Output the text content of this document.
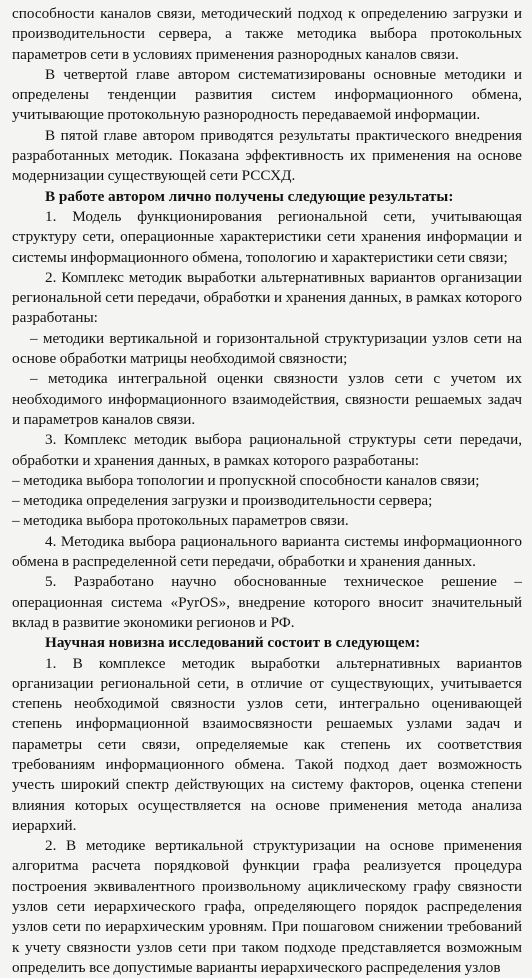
способности каналов связи, методический подход к определению загрузки и производительности сервера, а также методика выбора протокольных параметров сети в условиях применения разнородных каналов связи.

В четвертой главе автором систематизированы основные методики и определены тенденции развития систем информационного обмена, учитывающие протокольную разнородность передаваемой информации.

В пятой главе автором приводятся результаты практического внедрения разработанных методик. Показана эффективность их применения на основе модернизации существующей сети РССХД.

В работе автором лично получены следующие результаты:

1. Модель функционирования региональной сети, учитывающая структуру сети, операционные характеристики сети хранения информации и системы информационного обмена, топологию и характеристики сети связи;

2. Комплекс методик выработки альтернативных вариантов организации региональной сети передачи, обработки и хранения данных, в рамках которого разработаны:

– методики вертикальной и горизонтальной структуризации узлов сети на основе обработки матрицы необходимой связности;

– методика интегральной оценки связности узлов сети с учетом их необходимого информационного взаимодействия, связности решаемых задач и параметров каналов связи.

3. Комплекс методик выбора рациональной структуры сети передачи, обработки и хранения данных, в рамках которого разработаны:

– методика выбора топологии и пропускной способности каналов связи;

– методика определения загрузки и производительности сервера;

– методика выбора протокольных параметров связи.

4. Методика выбора рационального варианта системы информационного обмена в распределенной сети передачи, обработки и хранения данных.

5. Разработано научно обоснованные техническое решение – операционная система «PyrOS», внедрение которого вносит значительный вклад в развитие экономики регионов и РФ.

Научная новизна исследований состоит в следующем:

1. В комплексе методик выработки альтернативных вариантов организации региональной сети, в отличие от существующих, учитывается степень необходимой связности узлов сети, интегрально оценивающей степень информационной взаимосвязности решаемых узлами задач и параметры сети связи, определяемые как степень их соответствия требованиям информационного обмена. Такой подход дает возможность учесть широкий спектр действующих на систему факторов, оценка степени влияния которых осуществляется на основе применения метода анализа иерархий.

2. В методике вертикальной структуризации на основе применения алгоритма расчета порядковой функции графа реализуется процедура построения эквивалентного произвольному ациклическому графу связности узлов сети иерархического графа, определяющего порядок распределения узлов сети по иерархическим уровням. При пошаговом снижении требований к учету связности узлов сети при таком подходе представляется возможным определить все допустимые варианты иерархического распределения узлов
